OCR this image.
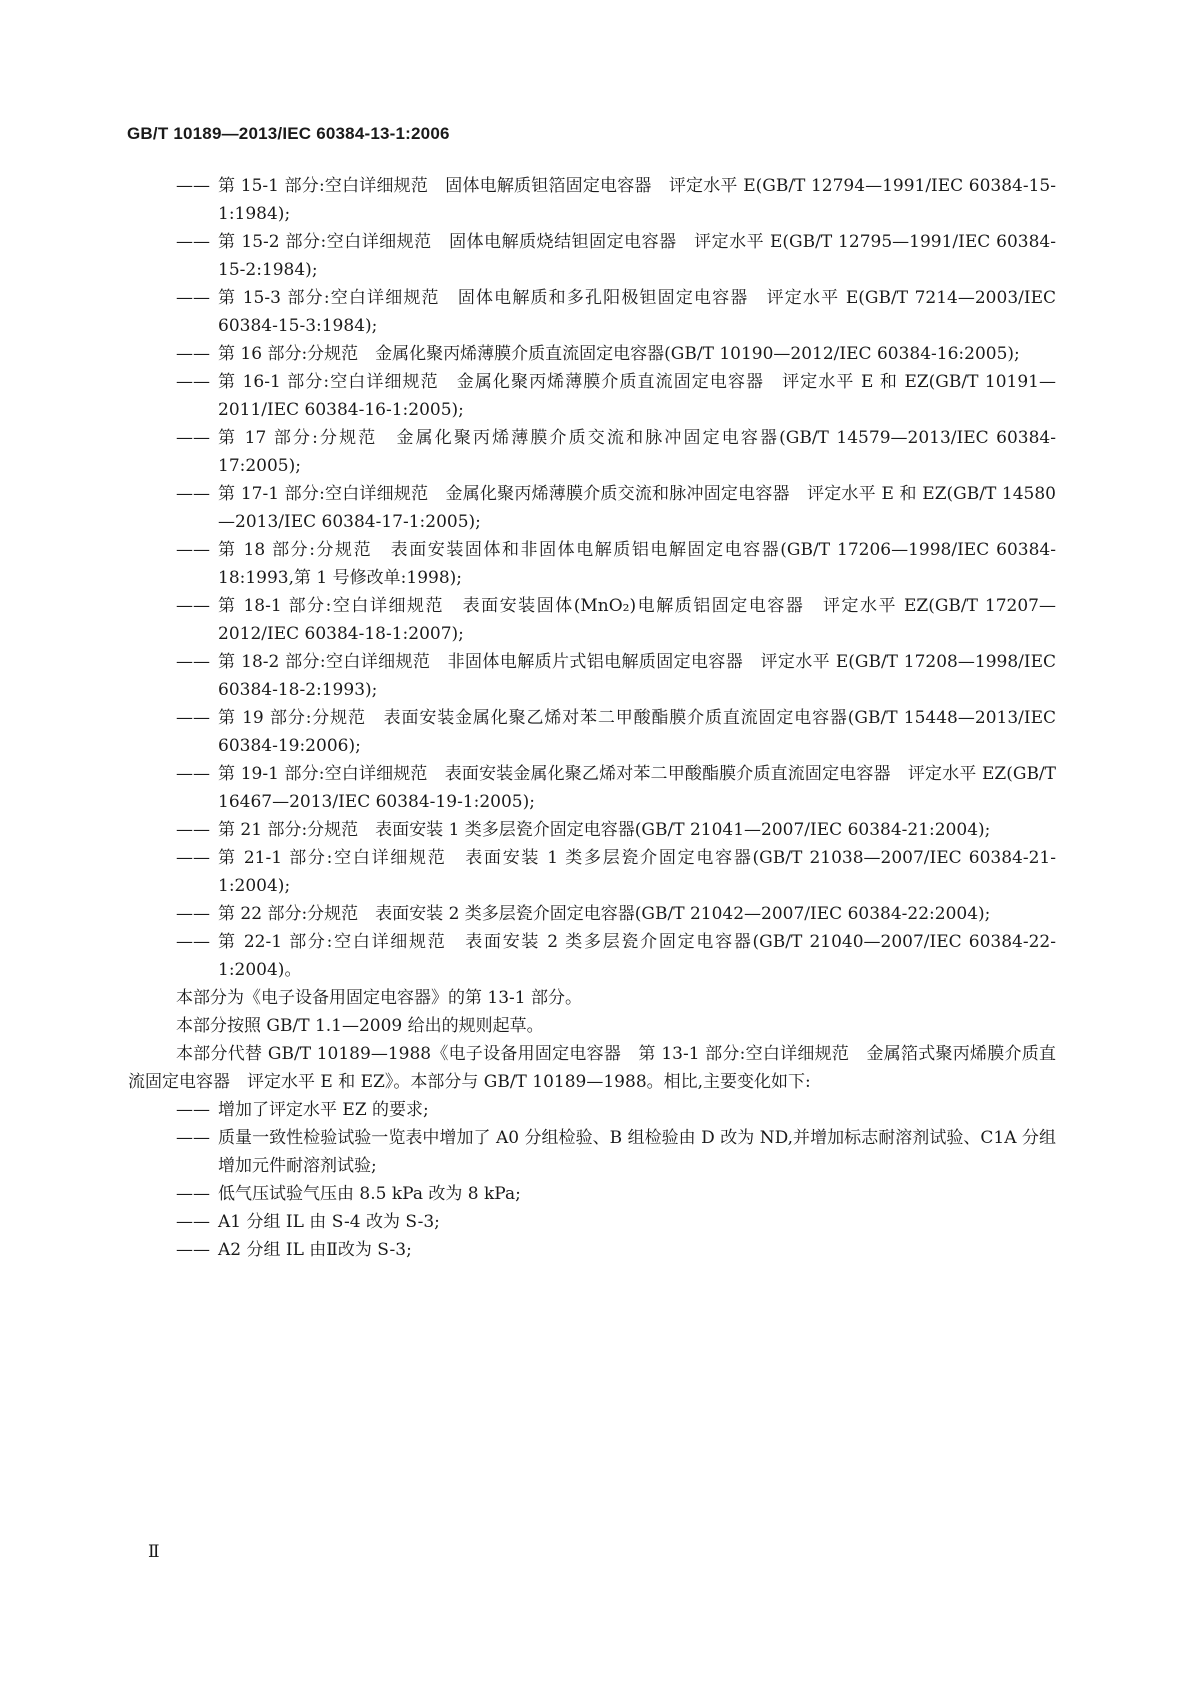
GB/T 10189—2013/IEC 60384-13-1:2006
—— 第 15-1 部分:空白详细规范　固体电解质钽箔固定电容器　评定水平 E(GB/T 12794—1991/IEC 60384-15-1:1984);
—— 第 15-2 部分:空白详细规范　固体电解质烧结钽固定电容器　评定水平 E(GB/T 12795—1991/IEC 60384-15-2:1984);
—— 第 15-3 部分:空白详细规范　固体电解质和多孔阳极钽固定电容器　评定水平 E(GB/T 7214—2003/IEC 60384-15-3:1984);
—— 第 16 部分:分规范　金属化聚丙烯薄膜介质直流固定电容器(GB/T 10190—2012/IEC 60384-16:2005);
—— 第 16-1 部分:空白详细规范　金属化聚丙烯薄膜介质直流固定电容器　评定水平 E 和 EZ(GB/T 10191—2011/IEC 60384-16-1:2005);
—— 第 17 部分:分规范　金属化聚丙烯薄膜介质交流和脉冲固定电容器(GB/T 14579—2013/IEC 60384-17:2005);
—— 第 17-1 部分:空白详细规范　金属化聚丙烯薄膜介质交流和脉冲固定电容器　评定水平 E 和 EZ(GB/T 14580—2013/IEC 60384-17-1:2005);
—— 第 18 部分:分规范　表面安装固体和非固体电解质铝电解固定电容器(GB/T 17206—1998/IEC 60384-18:1993,第 1 号修改单:1998);
—— 第 18-1 部分:空白详细规范　表面安装固体(MnO₂)电解质铝固定电容器　评定水平 EZ(GB/T 17207—2012/IEC 60384-18-1:2007);
—— 第 18-2 部分:空白详细规范　非固体电解质片式铝电解质固定电容器　评定水平 E(GB/T 17208—1998/IEC 60384-18-2:1993);
—— 第 19 部分:分规范　表面安装金属化聚乙烯对苯二甲酸酯膜介质直流固定电容器(GB/T 15448—2013/IEC 60384-19:2006);
—— 第 19-1 部分:空白详细规范　表面安装金属化聚乙烯对苯二甲酸酯膜介质直流固定电容器　评定水平 EZ(GB/T 16467—2013/IEC 60384-19-1:2005);
—— 第 21 部分:分规范　表面安装 1 类多层瓷介固定电容器(GB/T 21041—2007/IEC 60384-21:2004);
—— 第 21-1 部分:空白详细规范　表面安装 1 类多层瓷介固定电容器(GB/T 21038—2007/IEC 60384-21-1:2004);
—— 第 22 部分:分规范　表面安装 2 类多层瓷介固定电容器(GB/T 21042—2007/IEC 60384-22:2004);
—— 第 22-1 部分:空白详细规范　表面安装 2 类多层瓷介固定电容器(GB/T 21040—2007/IEC 60384-22-1:2004)。

本部分为《电子设备用固定电容器》的第 13-1 部分。

本部分按照 GB/T 1.1—2009 给出的规则起草。

本部分代替 GB/T 10189—1988《电子设备用固定电容器　第 13-1 部分:空白详细规范　金属箔式聚丙烯膜介质直流固定电容器　评定水平 E 和 EZ》。本部分与 GB/T 10189—1988。相比,主要变化如下:

—— 增加了评定水平 EZ 的要求;
—— 质量一致性检验试验一览表中增加了 A0 分组检验、B 组检验由 D 改为 ND,并增加标志耐溶剂试验、C1A 分组增加元件耐溶剂试验;
—— 低气压试验气压由 8.5 kPa 改为 8 kPa;
—— A1 分组 IL 由 S-4 改为 S-3;
—— A2 分组 IL 由Ⅱ改为 S-3;
Ⅱ
